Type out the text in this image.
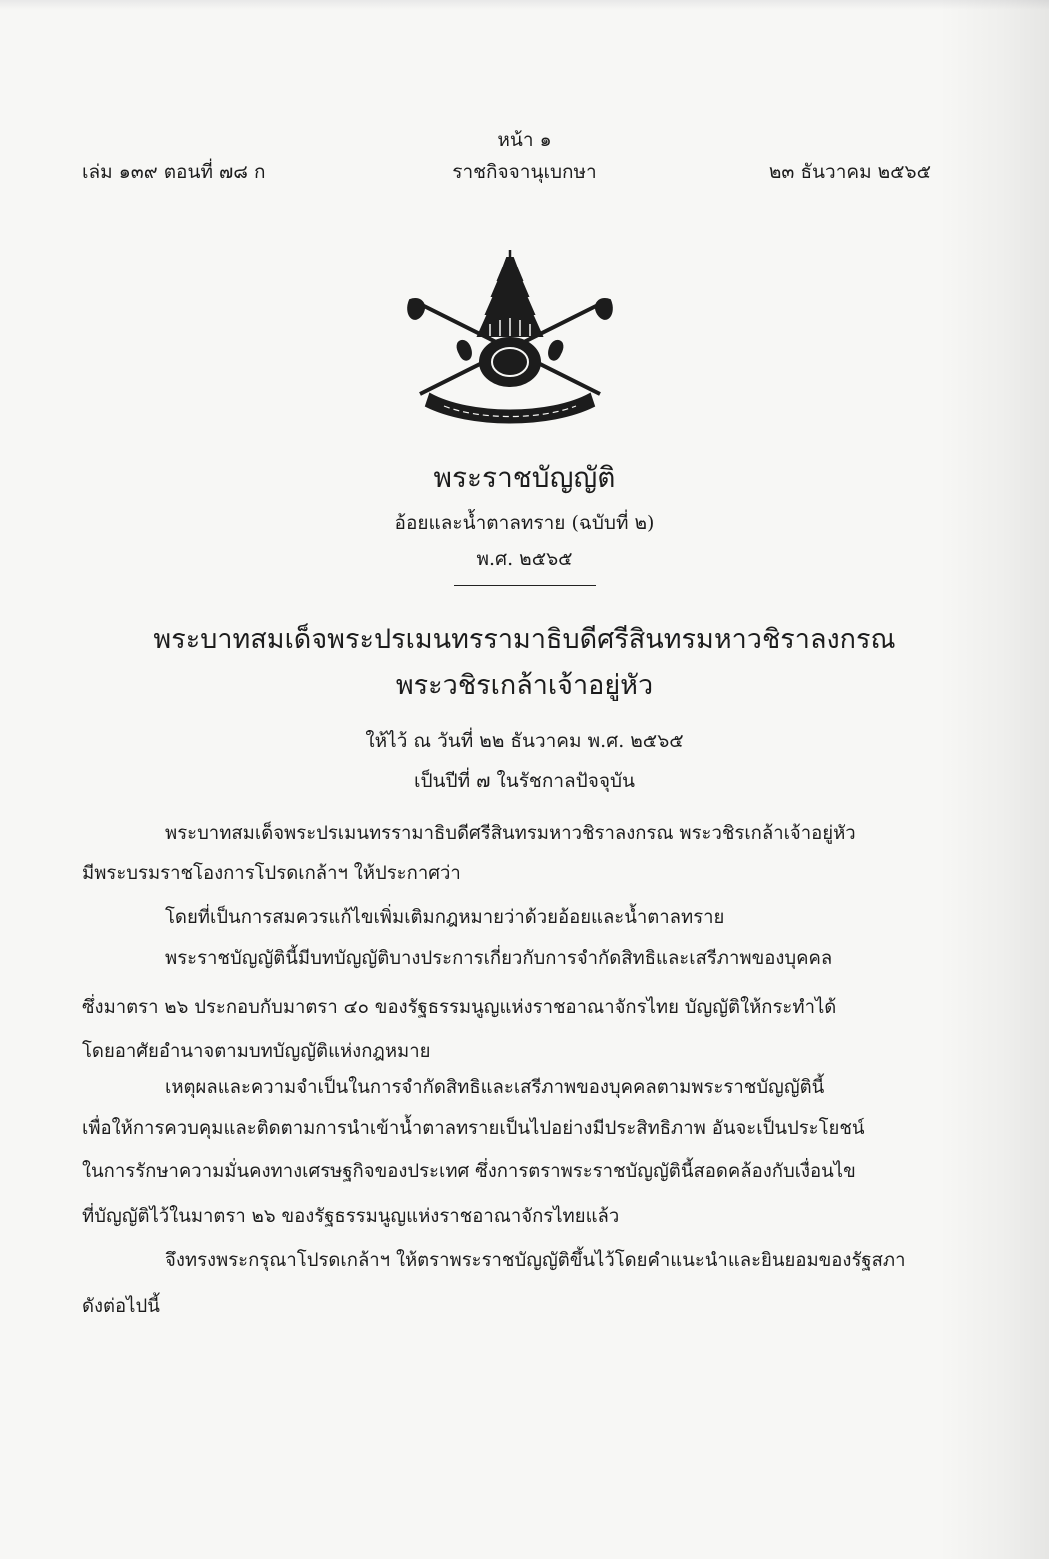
หน้า ๑
เล่ม ๑๓๙ ตอนที่ ๗๘ ก	ราชกิจจานุเบกษา	๒๓ ธันวาคม ๒๕๖๕
พระราชบัญญัติ
อ้อยและน้ำตาลทราย (ฉบับที่ ๒)
พ.ศ. ๒๕๖๕
พระบาทสมเด็จพระปรเมนทรรามาธิบดีศรีสินทรมหาวชิราลงกรณ
พระวชิรเกล้าเจ้าอยู่หัว
ให้ไว้ ณ วันที่ ๒๒ ธันวาคม พ.ศ. ๒๕๖๕
เป็นปีที่ ๗ ในรัชกาลปัจจุบัน
พระบาทสมเด็จพระปรเมนทรรามาธิบดีศรีสินทรมหาวชิราลงกรณ พระวชิรเกล้าเจ้าอยู่หัว
มีพระบรมราชโองการโปรดเกล้าฯ ให้ประกาศว่า
โดยที่เป็นการสมควรแก้ไขเพิ่มเติมกฎหมายว่าด้วยอ้อยและน้ำตาลทราย
พระราชบัญญัตินี้มีบทบัญญัติบางประการเกี่ยวกับการจำกัดสิทธิและเสรีภาพของบุคคล
ซึ่งมาตรา ๒๖ ประกอบกับมาตรา ๔๐ ของรัฐธรรมนูญแห่งราชอาณาจักรไทย บัญญัติให้กระทำได้
โดยอาศัยอำนาจตามบทบัญญัติแห่งกฎหมาย
เหตุผลและความจำเป็นในการจำกัดสิทธิและเสรีภาพของบุคคลตามพระราชบัญญัตินี้
เพื่อให้การควบคุมและติดตามการนำเข้าน้ำตาลทรายเป็นไปอย่างมีประสิทธิภาพ อันจะเป็นประโยชน์
ในการรักษาความมั่นคงทางเศรษฐกิจของประเทศ ซึ่งการตราพระราชบัญญัตินี้สอดคล้องกับเงื่อนไข
ที่บัญญัติไว้ในมาตรา ๒๖ ของรัฐธรรมนูญแห่งราชอาณาจักรไทยแล้ว
จึงทรงพระกรุณาโปรดเกล้าฯ ให้ตราพระราชบัญญัติขึ้นไว้โดยคำแนะนำและยินยอมของรัฐสภา
ดังต่อไปนี้
